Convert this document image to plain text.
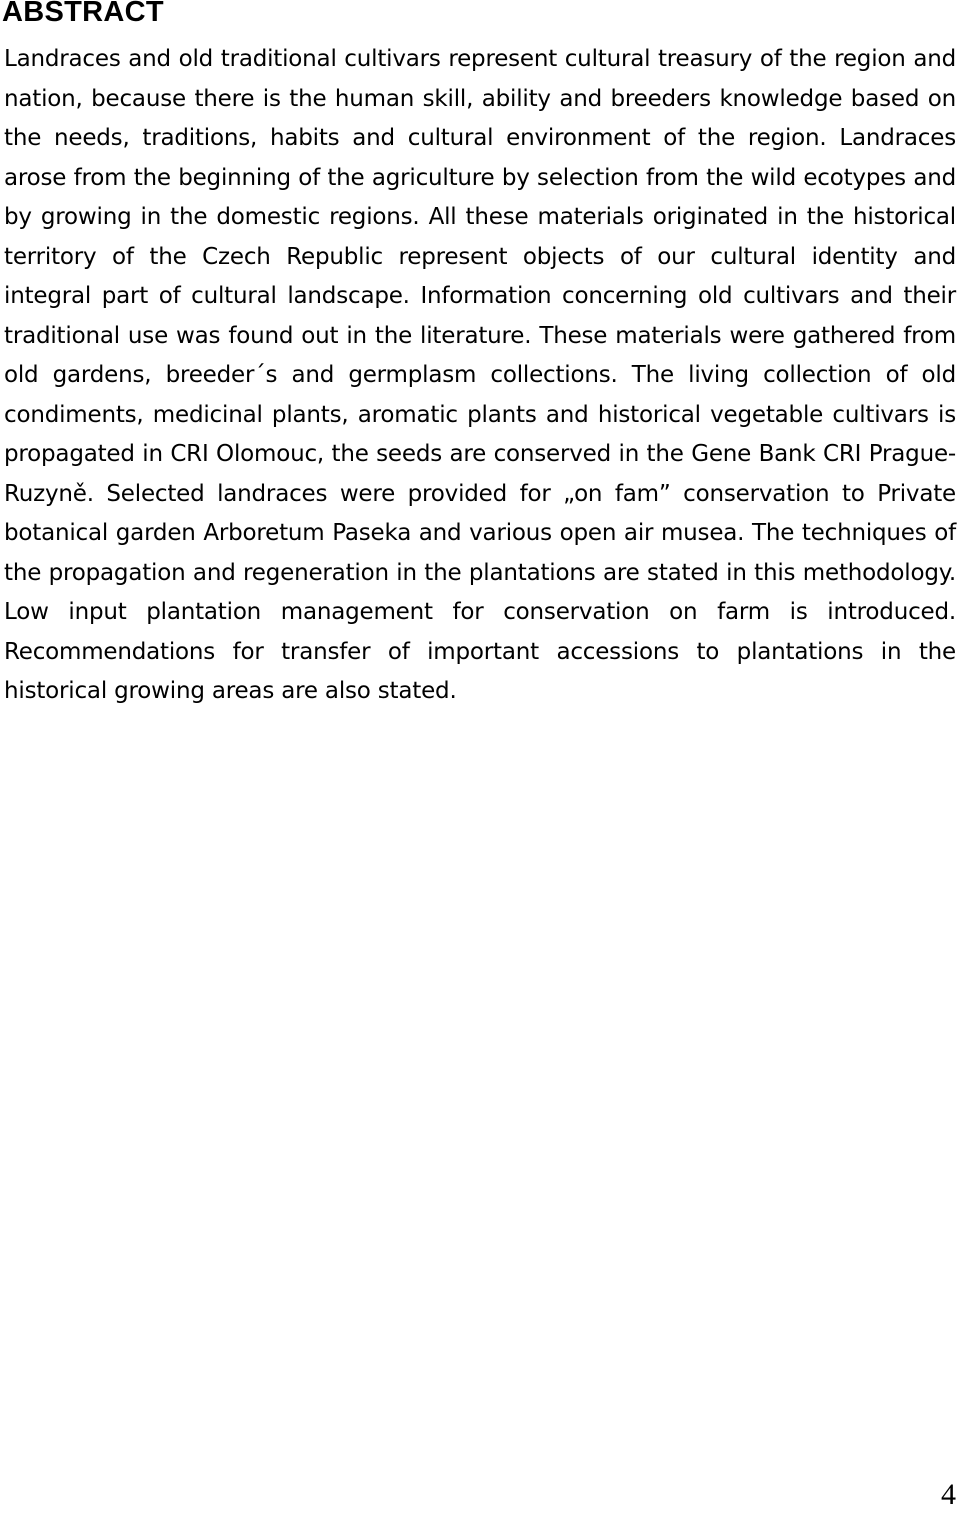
ABSTRACT

Landraces and old traditional cultivars represent cultural treasury of the region and nation, because there is the human skill, ability and breeders knowledge based on the needs, traditions, habits and cultural environment of the region. Landraces arose from the beginning of the agriculture by selection from the wild ecotypes and by growing in the domestic regions. All these materials originated in the historical territory of the Czech Republic represent objects of our cultural identity and integral part of cultural landscape. Information concerning old cultivars and their traditional use was found out in the literature. These materials were gathered from old gardens, breeder´s and germplasm collections. The living collection of old condiments, medicinal plants, aromatic plants and historical vegetable cultivars is propagated in CRI Olomouc, the seeds are conserved in the Gene Bank CRI Prague-Ruzyně. Selected landraces were provided for „on fam” conservation to Private botanical garden Arboretum Paseka and various open air musea. The techniques of the propagation and regeneration in the plantations are stated in this methodology. Low input plantation management for conservation on farm is introduced. Recommendations for transfer of important accessions to plantations in the historical growing areas are also stated.

4
